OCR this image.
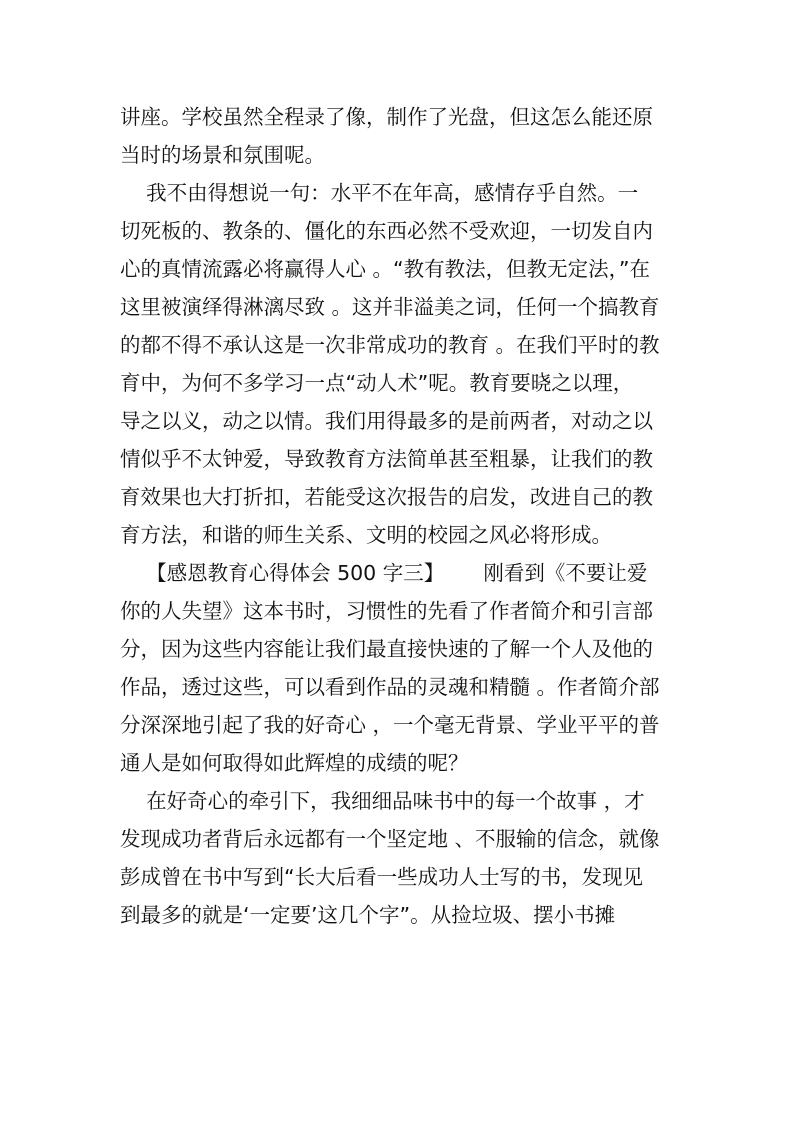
讲座。学校虽然全程录了像，制作了光盘，但这怎么能还原
当时的场景和氛围呢。
我不由得想说一句：水平不在年高，感情存乎自然。一
切死板的、教条的、僵化的东西必然不受欢迎，一切发自内
心的真情流露必将赢得人心 。“教有教法，但教无定法，”在
这里被演绎得淋漓尽致 。这并非溢美之词，任何一个搞教育
的都不得不承认这是一次非常成功的教育 。在我们平时的教
育中，为何不多学习一点“动人术”呢。教育要晓之以理，
导之以义，动之以情。我们用得最多的是前两者，对动之以
情似乎不太钟爱，导致教育方法简单甚至粗暴，让我们的教
育效果也大打折扣，若能受这次报告的启发，改进自己的教
育方法，和谐的师生关系、文明的校园之风必将形成。
【感恩教育心得体会 500 字三】      刚看到《不要让爱
你的人失望》这本书时，习惯性的先看了作者简介和引言部
分，因为这些内容能让我们最直接快速的了解一个人及他的
作品，透过这些，可以看到作品的灵魂和精髓 。作者简介部
分深深地引起了我的好奇心 ，一个毫无背景、学业平平的普
通人是如何取得如此辉煌的成绩的呢？
在好奇心的牵引下，我细细品味书中的每一个故事 ，才
发现成功者背后永远都有一个坚定地 、不服输的信念，就像
彭成曾在书中写到“长大后看一些成功人士写的书，发现见
到最多的就是‘一定要’这几个字”。从捡垃圾、摆小书摊
